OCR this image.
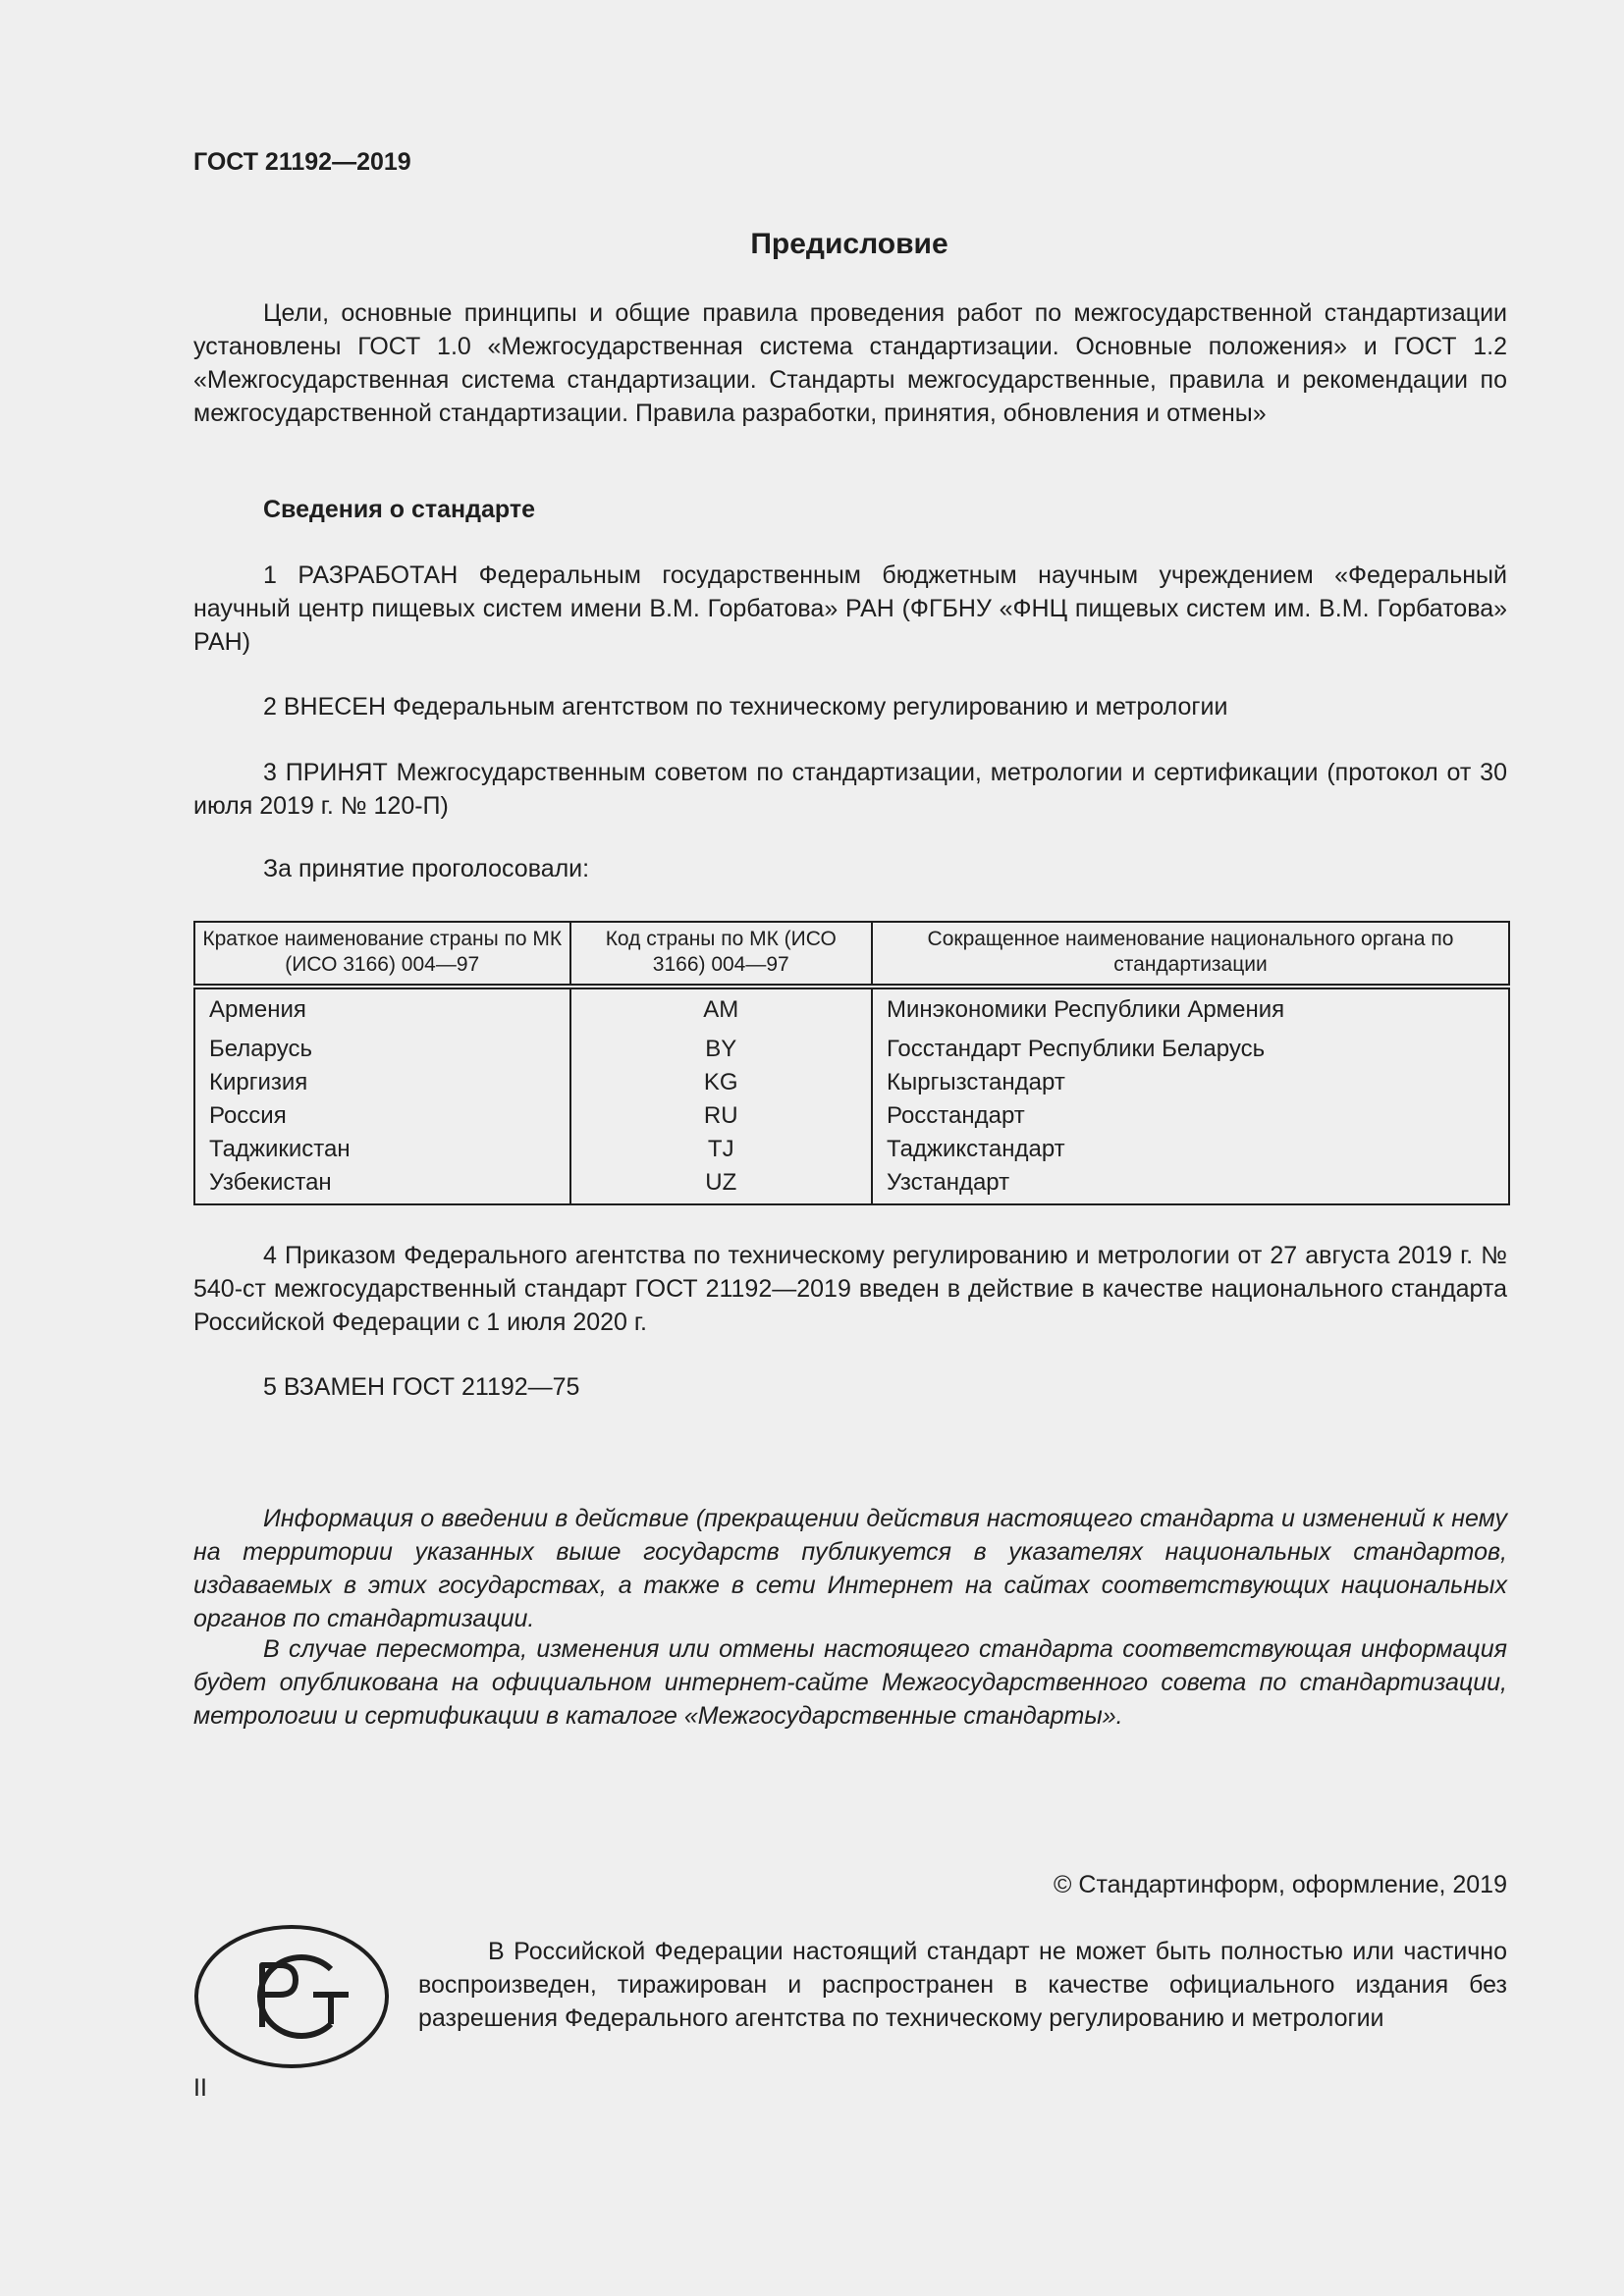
ГОСТ 21192—2019
Предисловие
Цели, основные принципы и общие правила проведения работ по межгосударственной стандартизации установлены ГОСТ 1.0 «Межгосударственная система стандартизации. Основные положения» и ГОСТ 1.2 «Межгосударственная система стандартизации. Стандарты межгосударственные, правила и рекомендации по межгосударственной стандартизации. Правила разработки, принятия, обновления и отмены»
Сведения о стандарте
1 РАЗРАБОТАН Федеральным государственным бюджетным научным учреждением «Федеральный научный центр пищевых систем имени В.М. Горбатова» РАН (ФГБНУ «ФНЦ пищевых систем им. В.М. Горбатова» РАН)
2 ВНЕСЕН Федеральным агентством по техническому регулированию и метрологии
3 ПРИНЯТ Межгосударственным советом по стандартизации, метрологии и сертификации (протокол от 30 июля 2019 г. № 120-П)
За принятие проголосовали:
Краткое наименование страны по МК (ИСО 3166) 004—97	Код страны по МК (ИСО 3166) 004—97	Сокращенное наименование национального органа по стандартизации
Армения	AM	Минэкономики Республики Армения
Беларусь	BY	Госстандарт Республики Беларусь
Киргизия	KG	Кыргызстандарт
Россия	RU	Росстандарт
Таджикистан	TJ	Таджикстандарт
Узбекистан	UZ	Узстандарт
4 Приказом Федерального агентства по техническому регулированию и метрологии от 27 августа 2019 г. № 540-ст межгосударственный стандарт ГОСТ 21192—2019 введен в действие в качестве национального стандарта Российской Федерации с 1 июля 2020 г.
5 ВЗАМЕН ГОСТ 21192—75
Информация о введении в действие (прекращении действия настоящего стандарта и изменений к нему на территории указанных выше государств публикуется в указателях национальных стандартов, издаваемых в этих государствах, а также в сети Интернет на сайтах соответствующих национальных органов по стандартизации.
В случае пересмотра, изменения или отмены настоящего стандарта соответствующая информация будет опубликована на официальном интернет-сайте Межгосударственного совета по стандартизации, метрологии и сертификации в каталоге «Межгосударственные стандарты».
© Стандартинформ, оформление, 2019
В Российской Федерации настоящий стандарт не может быть полностью или частично воспроизведен, тиражирован и распространен в качестве официального издания без разрешения Федерального агентства по техническому регулированию и метрологии
II
